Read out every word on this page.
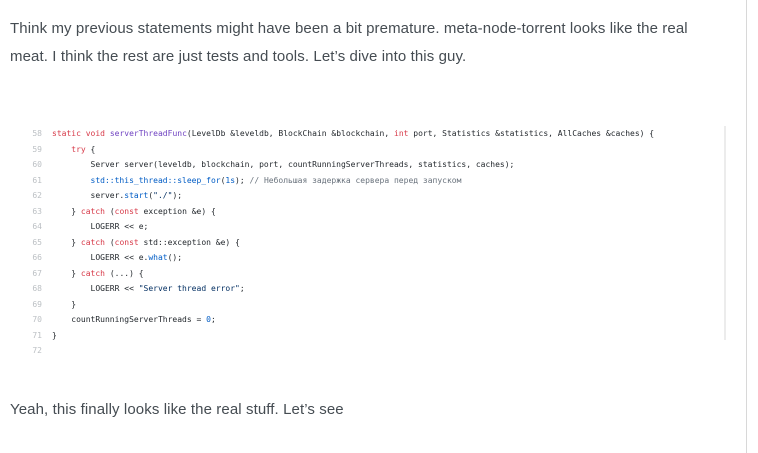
Think my previous statements might have been a bit premature. meta-node-torrent looks like the real
meat. I think the rest are just tests and tools. Let’s dive into this guy.
58 static void serverThreadFunc(LevelDb &leveldb, BlockChain &blockchain, int port, Statistics &statistics, AllCaches &caches) {
59	try {
60	Server server(leveldb, blockchain, port, countRunningServerThreads, statistics, caches);
61	std::this_thread::sleep_for(1s); // Небольшая задержка сервера перед запуском
62	server.start("./");
63	} catch (const exception &e) {
64	LOGERR << e;
65	} catch (const std::exception &e) {
66	LOGERR << e.what();
67	} catch (...) {
68	LOGERR << "Server thread error";
69	}
70	countRunningServerThreads = 0;
71 }
72
Yeah, this finally looks like the real stuff. Let’s see
